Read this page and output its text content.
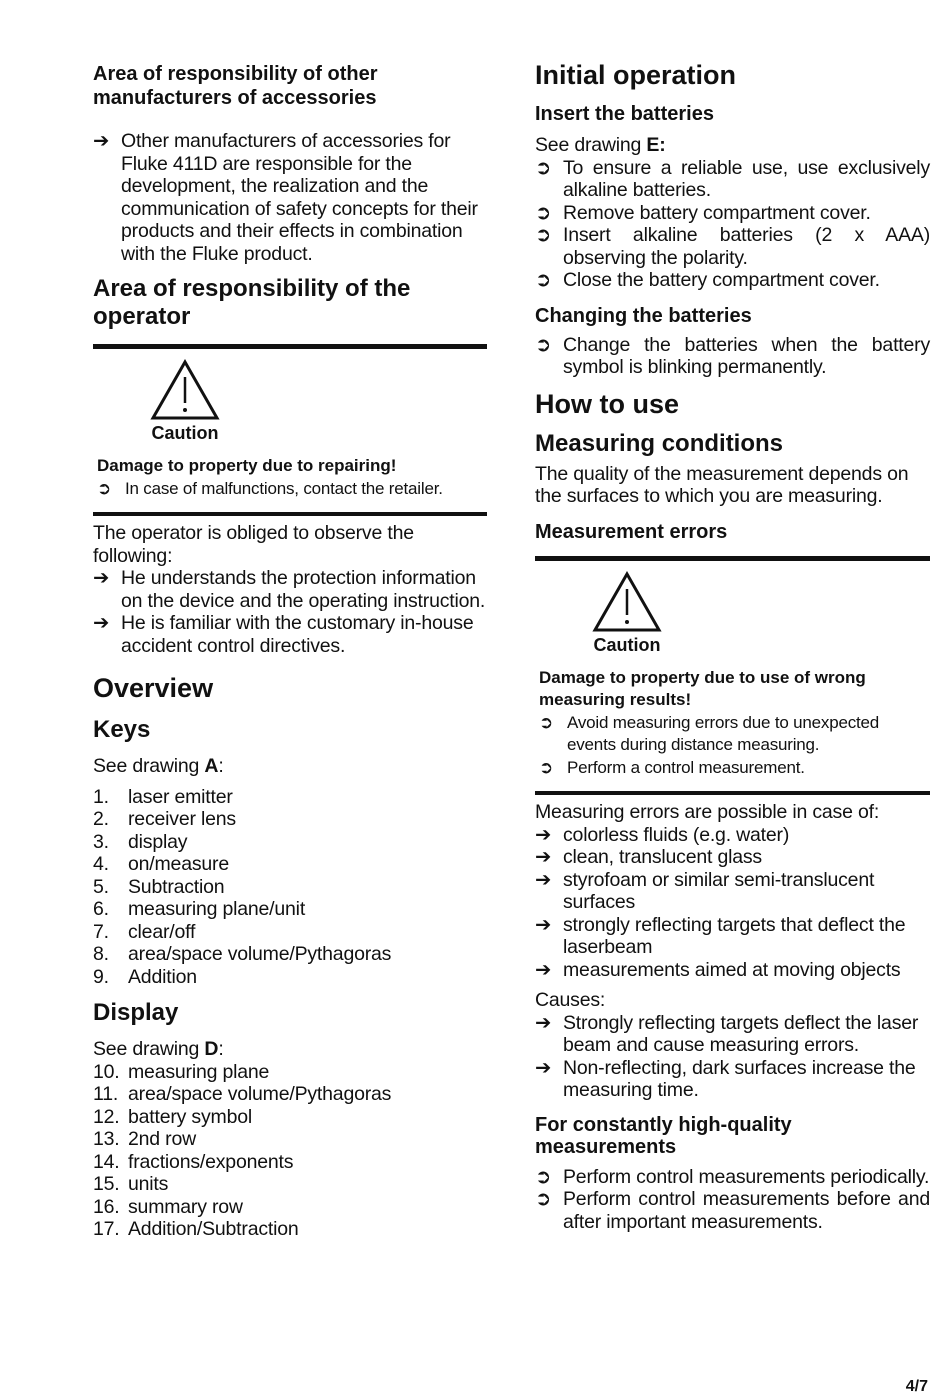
Area of responsibility of other manufacturers of accessories
➔ Other manufacturers of accessories for Fluke 411D are responsible for the development, the realization and the communication of safety concepts for their products and their effects in combination with the Fluke product.
Area of responsibility of the operator
Caution
Damage to property due to repairing!
➲ In case of malfunctions, contact the retailer.

The operator is obliged to observe the following:

➔ He understands the protection information on the device and the operating instruction.
➔ He is familiar with the customary in-house accident control directives.
Overview
Keys

See drawing A:

1. laser emitter
2. receiver lens
3. display
4. on/measure
5. Subtraction
6. measuring plane/unit
7. clear/off
8. area/space volume/Pythagoras
9. Addition
Display

See drawing D:

10. measuring plane
11. area/space volume/Pythagoras
12. battery symbol
13. 2nd row
14. fractions/exponents
15. units
16. summary row
17. Addition/Subtraction
Initial operation
Insert the batteries

See drawing E:

➲ To ensure a reliable use, use exclusively alkaline batteries.
➲ Remove battery compartment cover.
➲ Insert alkaline batteries (2 x AAA) observing the polarity.
➲ Close the battery compartment cover.
Changing the batteries
➲ Change the batteries when the battery symbol is blinking permanently.
How to use
Measuring conditions

The quality of the measurement depends on the surfaces to which you are measuring.

Measurement errors
Caution
Damage to property due to use of wrong measuring results!
➲ Avoid measuring errors due to unexpected events during distance measuring.
➲ Perform a control measurement.

Measuring errors are possible in case of:

➔ colorless fluids (e.g. water)
➔ clean, translucent glass
➔ styrofoam or similar semi-translucent surfaces
➔ strongly reflecting targets that deflect the laserbeam
➔ measurements aimed at moving objects

Causes:

➔ Strongly reflecting targets deflect the laser beam and cause measuring errors.
➔ Non-reflecting, dark surfaces increase the measuring time.
For constantly high-quality measurements
➲ Perform control measurements periodically.
➲ Perform control measurements before and after important measurements.
4/7
